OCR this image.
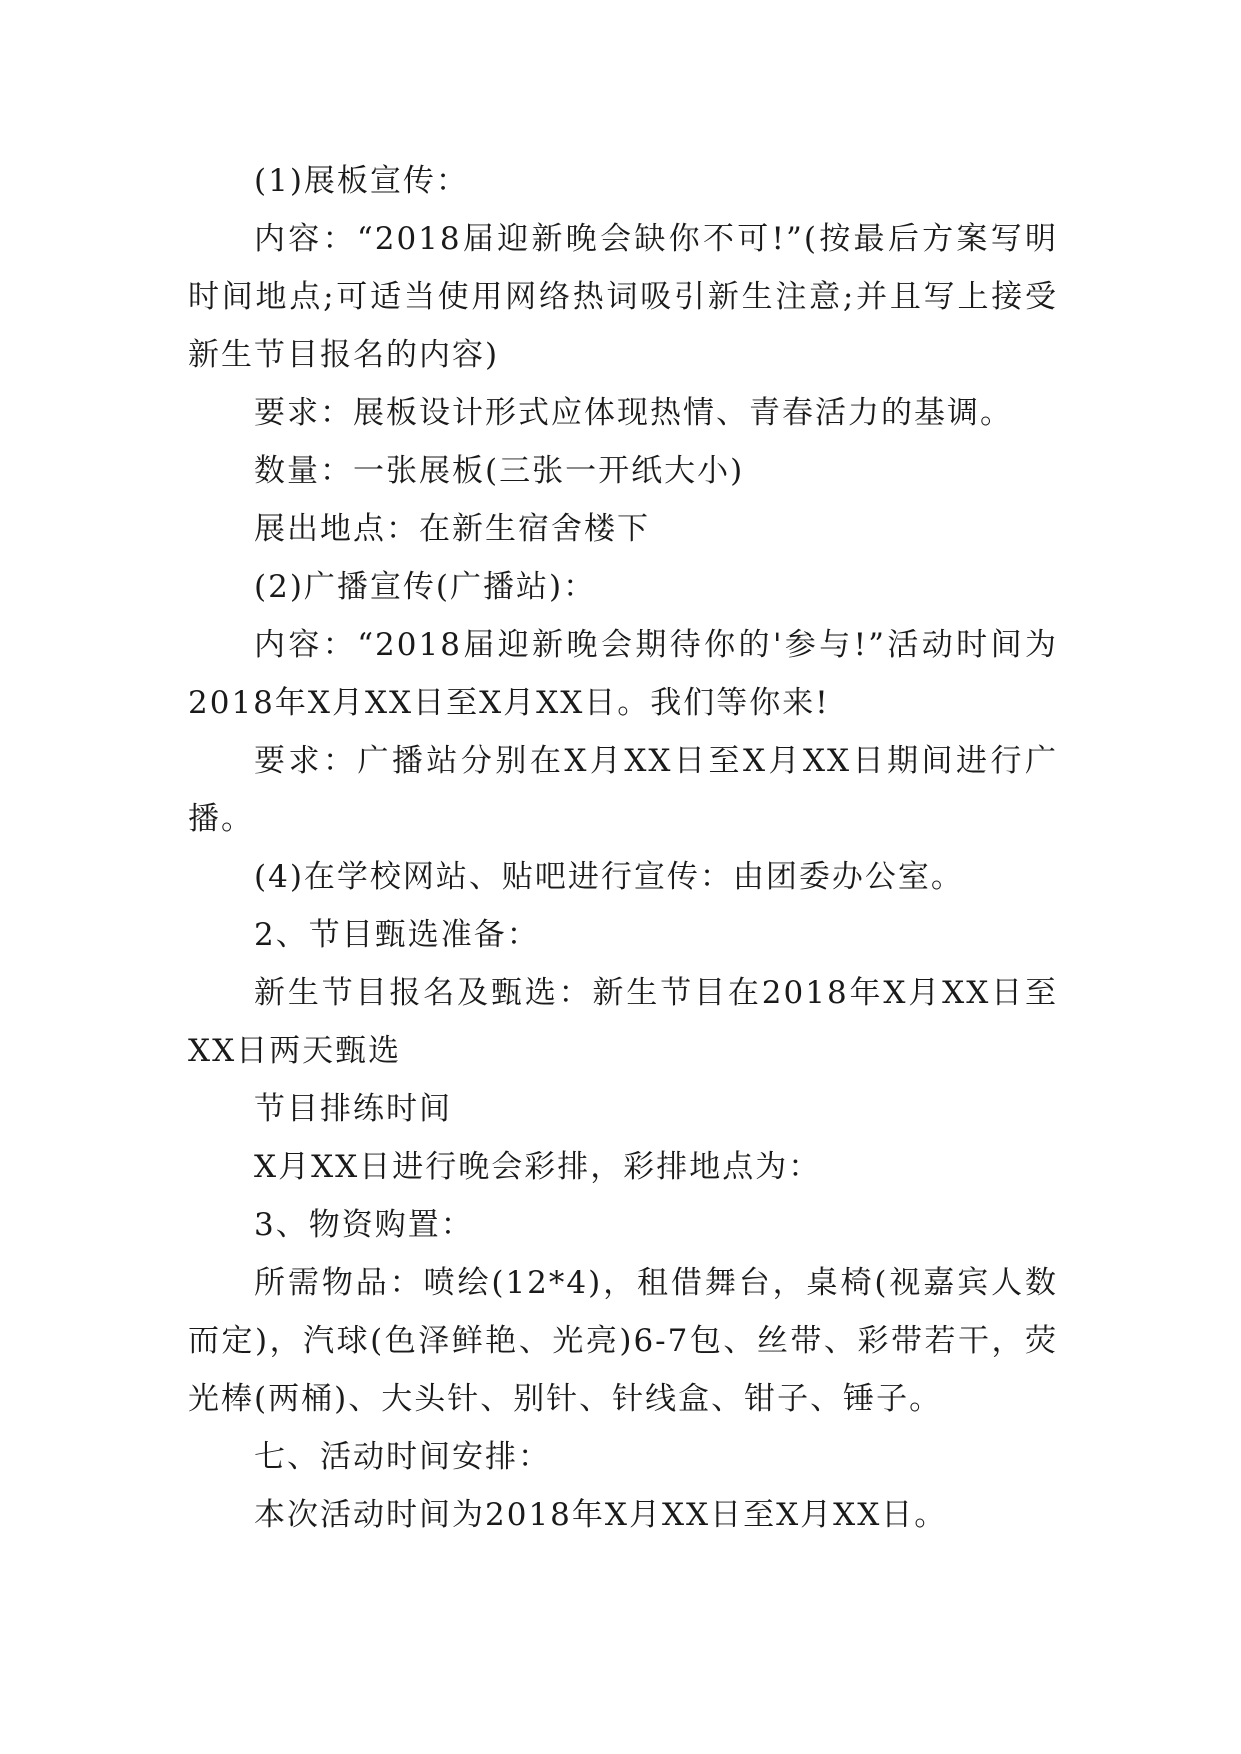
(1)展板宣传：

内容：“2018届迎新晚会缺你不可!”(按最后方案写明时间地点;可适当使用网络热词吸引新生注意;并且写上接受新生节目报名的内容)

要求：展板设计形式应体现热情、青春活力的基调。

数量：一张展板(三张一开纸大小)

展出地点：在新生宿舍楼下

(2)广播宣传(广播站)：

内容：“2018届迎新晚会期待你的'参与!”活动时间为2018年X月XX日至X月XX日。我们等你来!

要求：广播站分别在X月XX日至X月XX日期间进行广播。

(4)在学校网站、贴吧进行宣传：由团委办公室。

2、节目甄选准备：

新生节目报名及甄选：新生节目在2018年X月XX日至XX日两天甄选

节目排练时间

X月XX日进行晚会彩排，彩排地点为：

3、物资购置：

所需物品：喷绘(12*4)，租借舞台，桌椅(视嘉宾人数而定)，汽球(色泽鲜艳、光亮)6-7包、丝带、彩带若干，荧光棒(两桶)、大头针、别针、针线盒、钳子、锤子。

七、活动时间安排：

本次活动时间为2018年X月XX日至X月XX日。
